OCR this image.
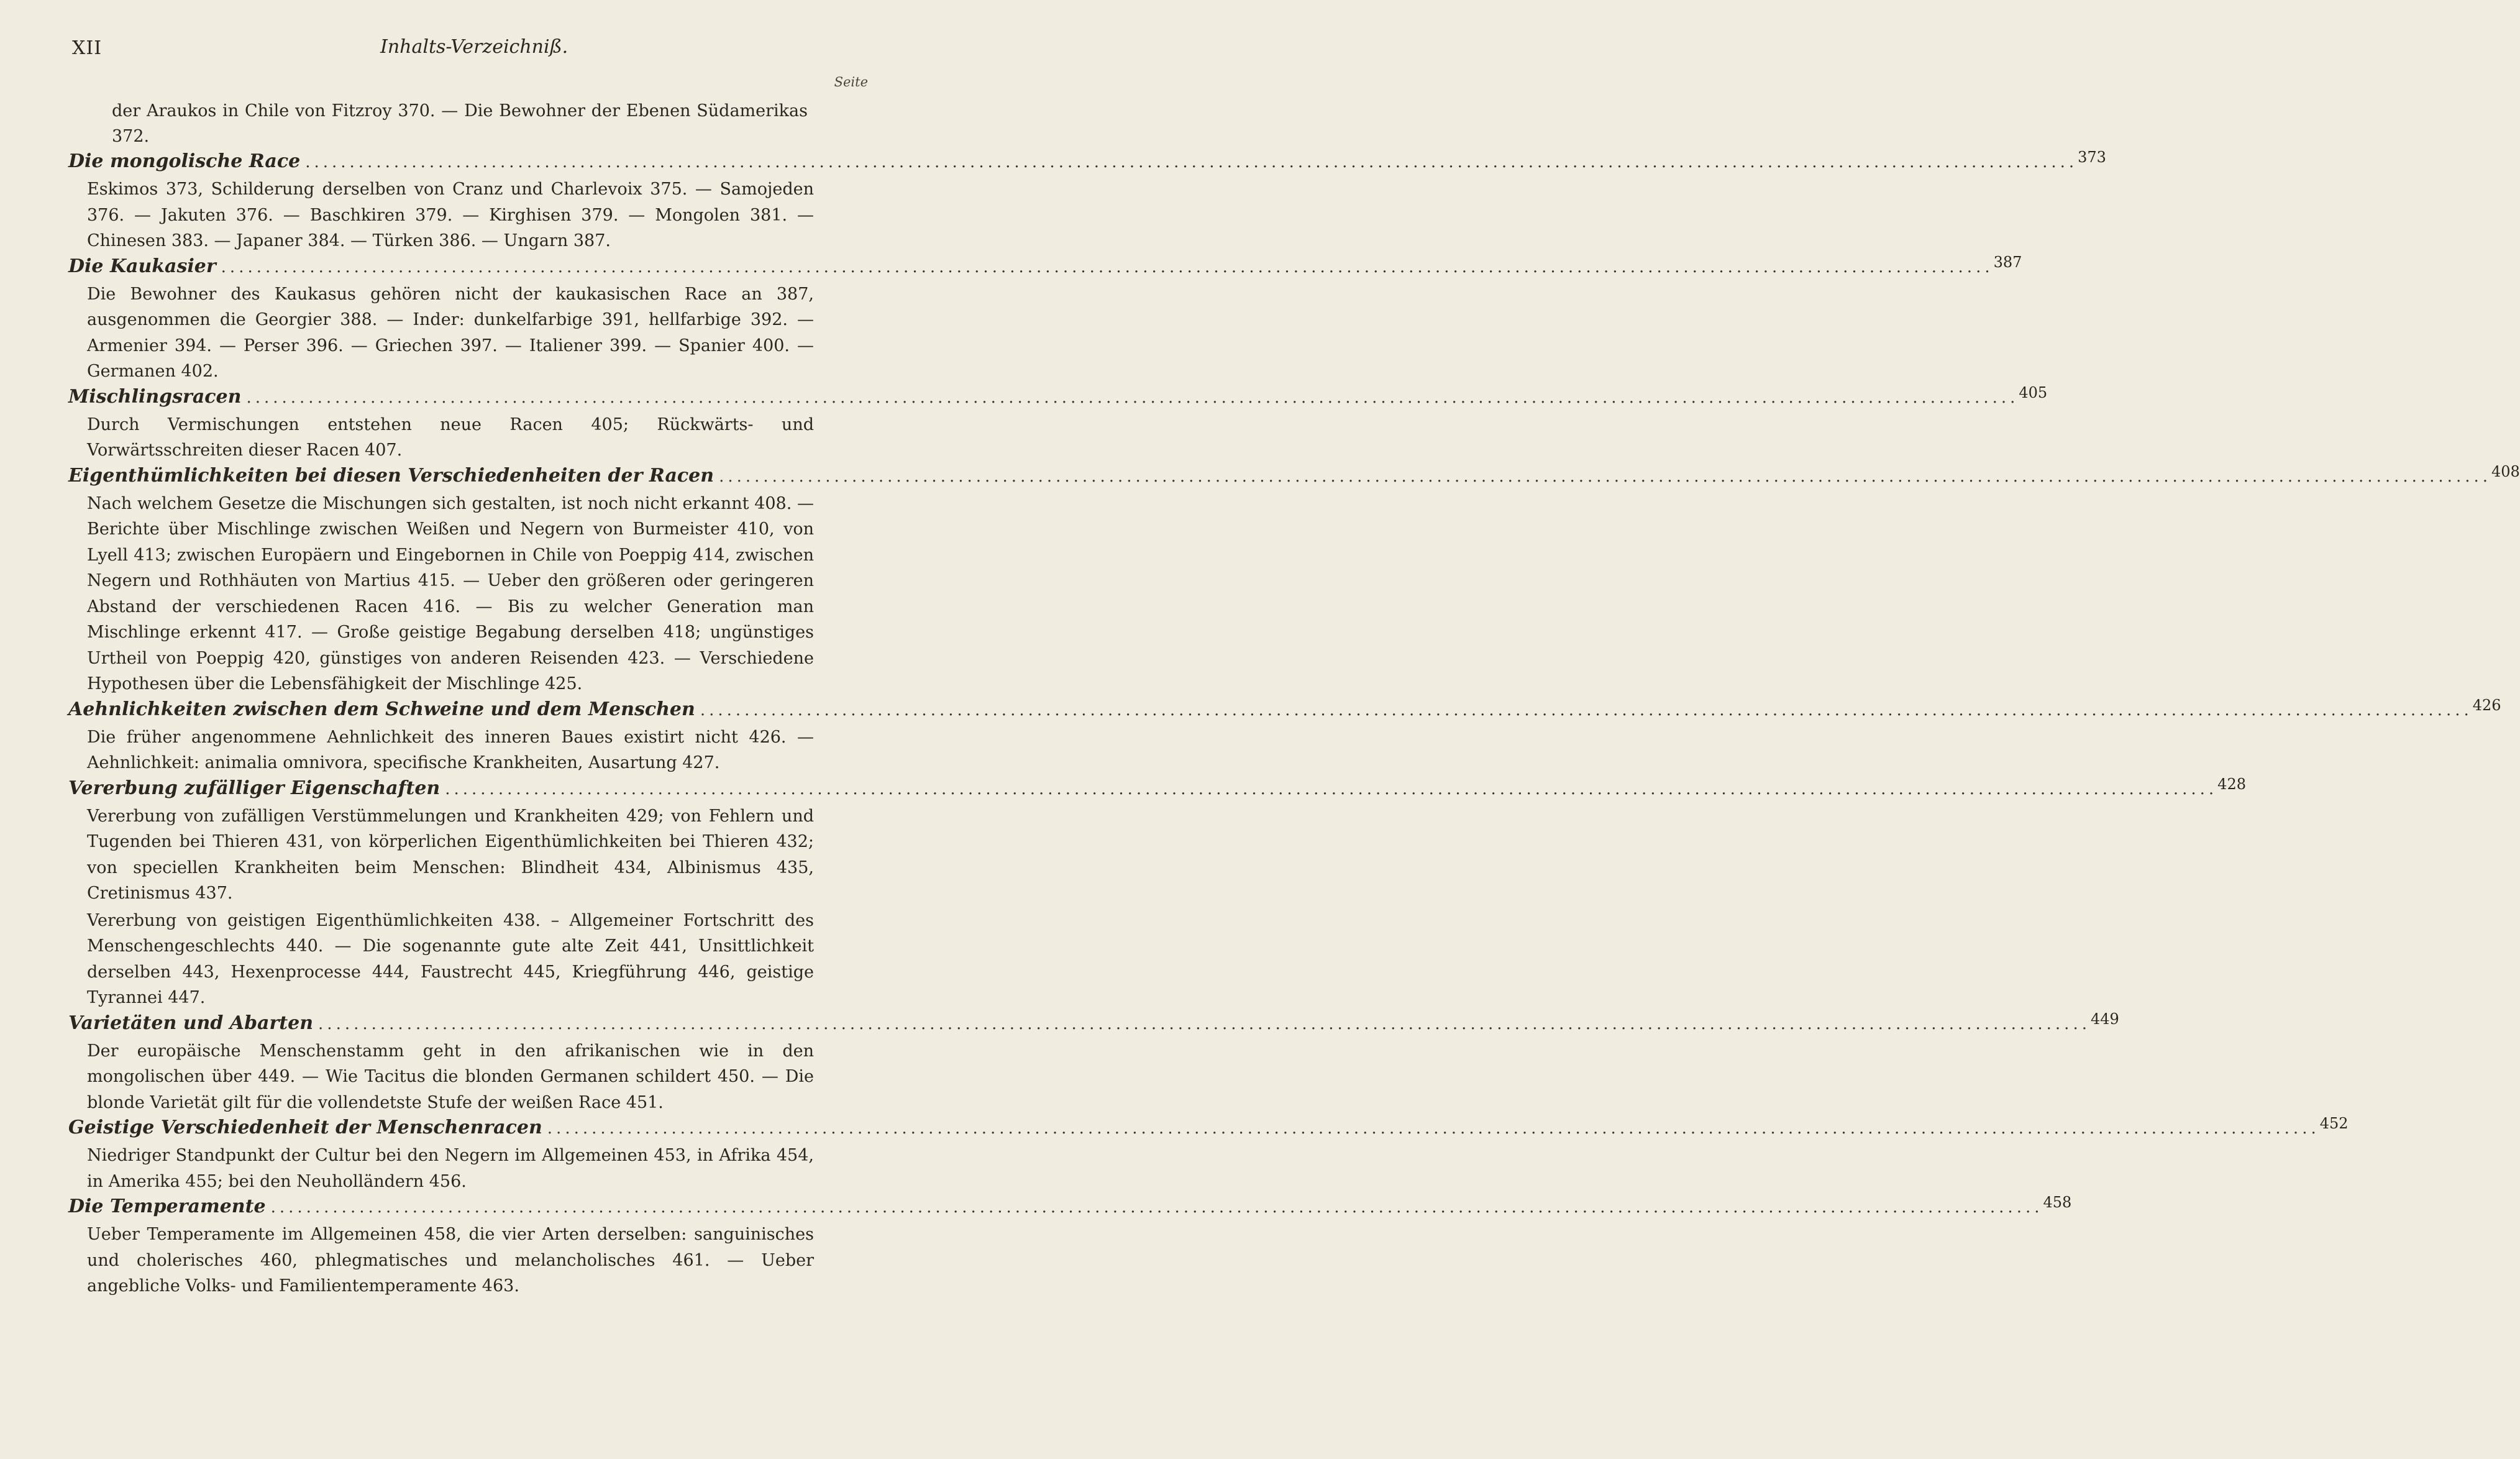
XII	Inhalts-Verzeichniß.
Seite
der Araukos in Chile von Fitzroy 370. — Die Bewohner der Ebenen Südamerikas 372.
Die mongolische Race ........................................................................................................................................................................................................ 373

Eskimos 373, Schilderung derselben von Cranz und Charlevoix 375. — Samojeden 376. — Jakuten 376. — Baschkiren 379. — Kirghisen 379. — Mongolen 381. — Chinesen 383. — Japaner 384. — Türken 386. — Ungarn 387.

Die Kaukasier ........................................................................................................................................................................................................ 387

Die Bewohner des Kaukasus gehören nicht der kaukasischen Race an 387, ausgenommen die Georgier 388. — Inder: dunkelfarbige 391, hellfarbige 392. — Armenier 394. — Perser 396. — Griechen 397. — Italiener 399. — Spanier 400. — Germanen 402.

Mischlingsracen ........................................................................................................................................................................................................ 405

Durch Vermischungen entstehen neue Racen 405; Rückwärts- und Vorwärtsschreiten dieser Racen 407.

Eigenthümlichkeiten bei diesen Verschiedenheiten der Racen ........................................................................................................................................................................................................ 408

Nach welchem Gesetze die Mischungen sich gestalten, ist noch nicht erkannt 408. — Berichte über Mischlinge zwischen Weißen und Negern von Burmeister 410, von Lyell 413; zwischen Europäern und Eingebornen in Chile von Poeppig 414, zwischen Negern und Rothhäuten von Martius 415. — Ueber den größeren oder geringeren Abstand der verschiedenen Racen 416. — Bis zu welcher Generation man Mischlinge erkennt 417. — Große geistige Begabung derselben 418; ungünstiges Urtheil von Poeppig 420, günstiges von anderen Reisenden 423. — Verschiedene Hypothesen über die Lebensfähigkeit der Mischlinge 425.

Aehnlichkeiten zwischen dem Schweine und dem Menschen ........................................................................................................................................................................................................ 426

Die früher angenommene Aehnlichkeit des inneren Baues existirt nicht 426. — Aehnlichkeit: animalia omnivora, specifische Krankheiten, Ausartung 427.

Vererbung zufälliger Eigenschaften ........................................................................................................................................................................................................ 428

Vererbung von zufälligen Verstümmelungen und Krankheiten 429; von Fehlern und Tugenden bei Thieren 431, von körperlichen Eigenthümlichkeiten bei Thieren 432; von speciellen Krankheiten beim Menschen: Blindheit 434, Albinismus 435, Cretinismus 437.

Vererbung von geistigen Eigenthümlichkeiten 438. – Allgemeiner Fortschritt des Menschengeschlechts 440. — Die sogenannte gute alte Zeit 441, Unsittlichkeit derselben 443, Hexenprocesse 444, Faustrecht 445, Kriegführung 446, geistige Tyrannei 447.

Varietäten und Abarten ........................................................................................................................................................................................................ 449

Der europäische Menschenstamm geht in den afrikanischen wie in den mongolischen über 449. — Wie Tacitus die blonden Germanen schildert 450. — Die blonde Varietät gilt für die vollendetste Stufe der weißen Race 451.

Geistige Verschiedenheit der Menschenracen ........................................................................................................................................................................................................ 452

Niedriger Standpunkt der Cultur bei den Negern im Allgemeinen 453, in Afrika 454, in Amerika 455; bei den Neuholländern 456.

Die Temperamente ........................................................................................................................................................................................................ 458

Ueber Temperamente im Allgemeinen 458, die vier Arten derselben: sanguinisches und cholerisches 460, phlegmatisches und melancholisches 461. — Ueber angebliche Volks- und Familientemperamente 463.
